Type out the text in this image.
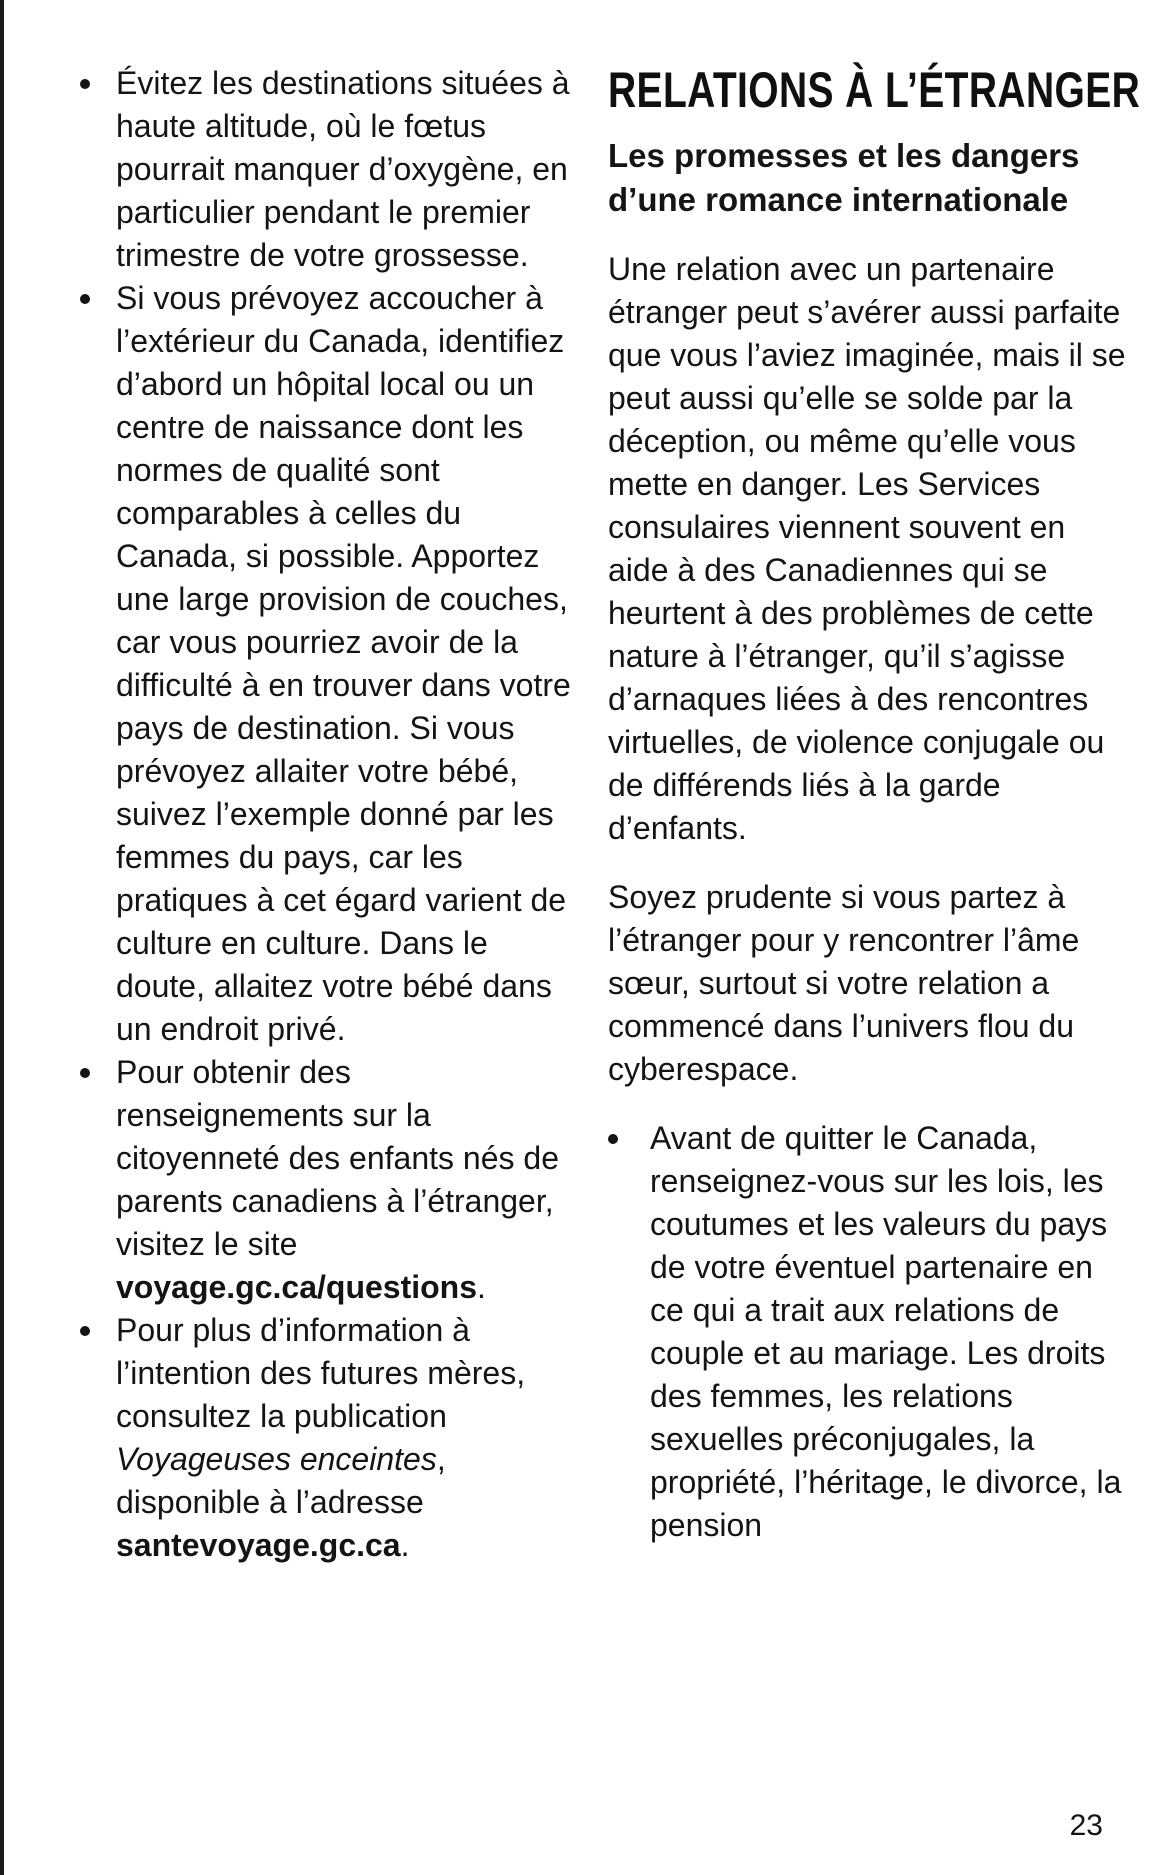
Évitez les destinations situées à haute altitude, où le fœtus pourrait manquer d’oxygène, en particulier pendant le premier trimestre de votre grossesse.
Si vous prévoyez accoucher à l’extérieur du Canada, identifiez d’abord un hôpital local ou un centre de naissance dont les normes de qualité sont comparables à celles du Canada, si possible. Apportez une large provision de couches, car vous pourriez avoir de la difficulté à en trouver dans votre pays de destination. Si vous prévoyez allaiter votre bébé, suivez l’exemple donné par les femmes du pays, car les pratiques à cet égard varient de culture en culture. Dans le doute, allaitez votre bébé dans un endroit privé.
Pour obtenir des renseignements sur la citoyenneté des enfants nés de parents canadiens à l’étranger, visitez le site voyage.gc.ca/questions.
Pour plus d’information à l’intention des futures mères, consultez la publication Voyageuses enceintes, disponible à l’adresse santevoyage.gc.ca.
RELATIONS À L’ÉTRANGER
Les promesses et les dangers d’une romance internationale

Une relation avec un partenaire étranger peut s’avérer aussi parfaite que vous l’aviez imaginée, mais il se peut aussi qu’elle se solde par la déception, ou même qu’elle vous mette en danger. Les Services consulaires viennent souvent en aide à des Canadiennes qui se heurtent à des problèmes de cette nature à l’étranger, qu’il s’agisse d’arnaques liées à des rencontres virtuelles, de violence conjugale ou de différends liés à la garde d’enfants.

Soyez prudente si vous partez à l’étranger pour y rencontrer l’âme sœur, surtout si votre relation a commencé dans l’univers flou du cyberespace.

Avant de quitter le Canada, renseignez-vous sur les lois, les coutumes et les valeurs du pays de votre éventuel partenaire en ce qui a trait aux relations de couple et au mariage. Les droits des femmes, les relations sexuelles préconjugales, la propriété, l’héritage, le divorce, la pension
23
